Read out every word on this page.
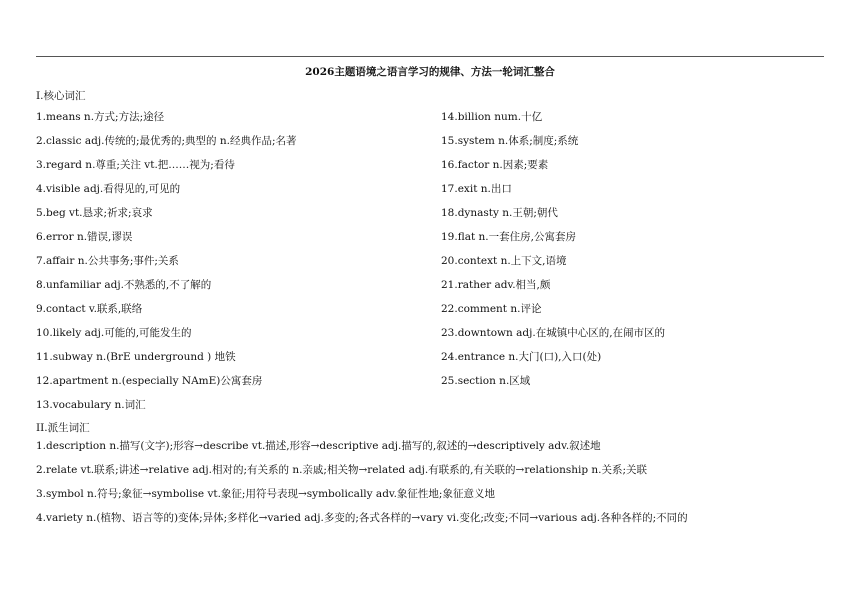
2026主题语境之语言学习的规律、方法一轮词汇整合
I.核心词汇
1.means n.方式;方法;途径
2.classic adj.传统的;最优秀的;典型的 n.经典作品;名著
3.regard n.尊重;关注 vt.把……视为;看待
4.visible adj.看得见的,可见的
5.beg vt.恳求;祈求;哀求
6.error n.错误,谬误
7.affair n.公共事务;事件;关系
8.unfamiliar adj.不熟悉的,不了解的
9.contact v.联系,联络
10.likely adj.可能的,可能发生的
11.subway n.(BrE underground ) 地铁
12.apartment n.(especially NAmE)公寓套房
13.vocabulary n.词汇
14.billion num.十亿
15.system n.体系;制度;系统
16.factor n.因素;要素
17.exit n.出口
18.dynasty n.王朝;朝代
19.flat n.一套住房,公寓套房
20.context n.上下文,语境
21.rather adv.相当,颇
22.comment n.评论
23.downtown adj.在城镇中心区的,在闹市区的
24.entrance n.大门(口),入口(处)
25.section n.区域
II.派生词汇
1.description n.描写(文字);形容→describe vt.描述,形容→descriptive adj.描写的,叙述的→descriptively adv.叙述地
2.relate vt.联系;讲述→relative adj.相对的;有关系的 n.亲戚;相关物→related adj.有联系的,有关联的→relationship n.关系;关联
3.symbol n.符号;象征→symbolise vt.象征;用符号表现→symbolically adv.象征性地;象征意义地
4.variety n.(植物、语言等的)变体;异体;多样化→varied adj.多变的;各式各样的→vary vi.变化;改变;不同→various adj.各种各样的;不同的
